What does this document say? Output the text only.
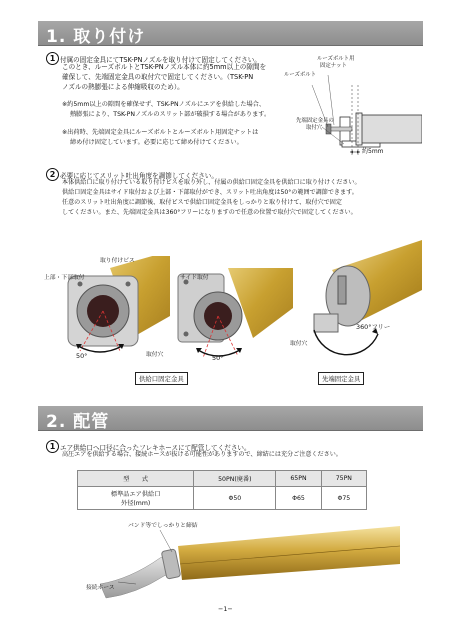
1. 取り付け
1 付属の固定金具にてTSK-PNノズルを取り付けて固定してください。
このとき、ルーズボルトとTSK-PNノズル本体に約5mm以上の隙間を
確保して、先端固定金具の取付穴で固定してください。（TSK-PN
ノズルの熱膨張による伸縮吸収のため）。
※約5mm以上の隙間を確保せず、TSK-PNノズルにエアを供給した場合、
熱膨張により、TSK-PNノズルのスリット部が破損する場合があります。
※出荷時、先端固定金具にルーズボルトとルーズボルト用固定ナットは
締め付け固定しています。必要に応じて締め付けてください。
ルーズボルト用
固定ナット
ルーズボルト
先端固定金具の
取付穴
約5mm
2 必要に応じてスリット吐出角度を調節してください。
本体供給口に取り付けている取り付けビスを取り外し、付属の供給口固定金具を供給口に取り付けください。
供給口固定金具はサイド取付および上部・下部取付ができ、スリット吐出角度は50°の範囲で調節できます。
任意のスリット吐出角度に調節後、取付ビスで供給口固定金具をしっかりと取り付けて、取付穴で固定
してください。また、先端固定金具は360°フリーになりますので任意の位置で取付穴で固定してください。
取り付けビス
上部・下部取付
50°
サイド取付
取付穴	50°
360°フリー
取付穴
供給口固定金具	先端固定金具
2. 配管
1 エア供給口へ口径に合ったフレキホースにて配管してください。
高圧エアを供給する場合、接続ホースが抜ける可能性がありますので、締結には充分ご注意ください。
型　　式	50PN(廃番)	65PN	75PN
標準品エア供給口
外径(mm)	Φ50	Φ65	Φ75
バンド等でしっかりと締結
接続ホース
−1−
